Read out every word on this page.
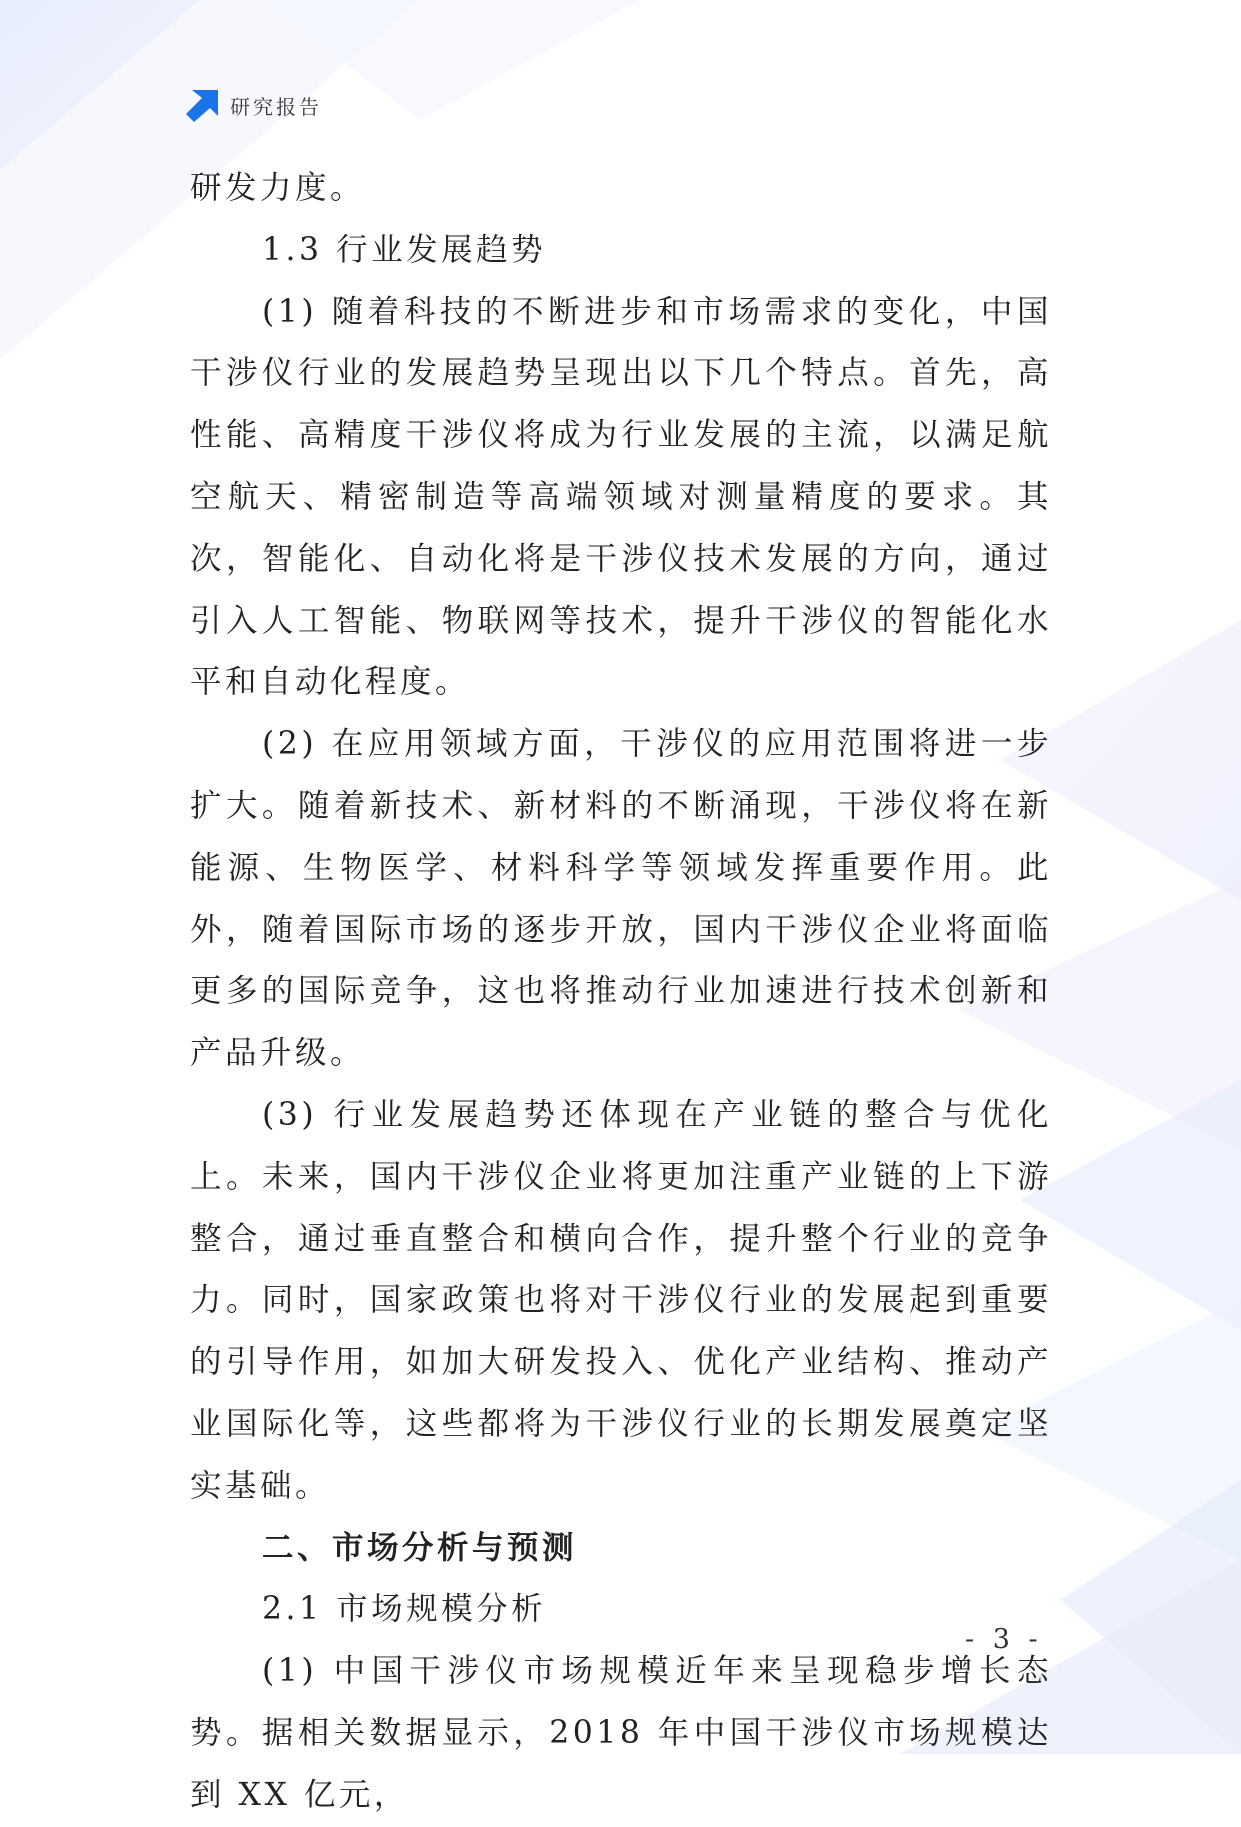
研究报告

研发力度。

1.3 行业发展趋势

(1) 随着科技的不断进步和市场需求的变化，中国干涉仪行业的发展趋势呈现出以下几个特点。首先，高性能、高精度干涉仪将成为行业发展的主流，以满足航空航天、精密制造等高端领域对测量精度的要求。其次，智能化、自动化将是干涉仪技术发展的方向，通过引入人工智能、物联网等技术，提升干涉仪的智能化水平和自动化程度。

(2) 在应用领域方面，干涉仪的应用范围将进一步扩大。随着新技术、新材料的不断涌现，干涉仪将在新能源、生物医学、材料科学等领域发挥重要作用。此外，随着国际市场的逐步开放，国内干涉仪企业将面临更多的国际竞争，这也将推动行业加速进行技术创新和产品升级。

(3) 行业发展趋势还体现在产业链的整合与优化上。未来，国内干涉仪企业将更加注重产业链的上下游整合，通过垂直整合和横向合作，提升整个行业的竞争力。同时，国家政策也将对干涉仪行业的发展起到重要的引导作用，如加大研发投入、优化产业结构、推动产业国际化等，这些都将为干涉仪行业的长期发展奠定坚实基础。

二、市场分析与预测

2.1 市场规模分析

(1) 中国干涉仪市场规模近年来呈现稳步增长态势。据相关数据显示，2018 年中国干涉仪市场规模达到 XX 亿元，

- 3 -
